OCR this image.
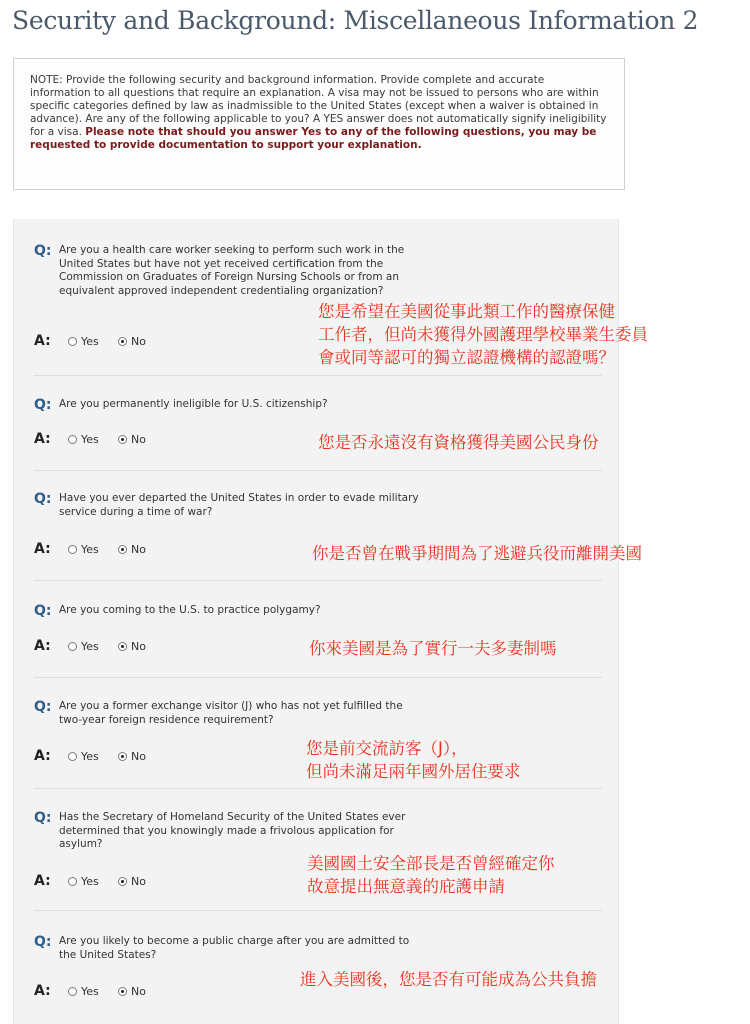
Security and Background: Miscellaneous Information 2
NOTE: Provide the following security and background information. Provide complete and accurate information to all questions that require an explanation. A visa may not be issued to persons who are within specific categories defined by law as inadmissible to the United States (except when a waiver is obtained in advance). Are any of the following applicable to you? A YES answer does not automatically signify ineligibility for a visa. Please note that should you answer Yes to any of the following questions, you may be requested to provide documentation to support your explanation.
Q: Are you a health care worker seeking to perform such work in the United States but have not yet received certification from the Commission on Graduates of Foreign Nursing Schools or from an equivalent approved independent credentialing organization?
A:	Yes	No
Q: Are you permanently ineligible for U.S. citizenship?
A:	Yes	No
Q: Have you ever departed the United States in order to evade military service during a time of war?
A:	Yes	No
Q: Are you coming to the U.S. to practice polygamy?
A:	Yes	No
Q: Are you a former exchange visitor (J) who has not yet fulfilled the two-year foreign residence requirement?
A:	Yes	No
Q: Has the Secretary of Homeland Security of the United States ever determined that you knowingly made a frivolous application for asylum?
A:	Yes	No
Q: Are you likely to become a public charge after you are admitted to the United States?
A:	Yes	No
您是希望在美國從事此類工作的醫療保健
工作者，但尚未獲得外國護理學校畢業生委員
會或同等認可的獨立認證機構的認證嗎？
您是否永遠沒有資格獲得美國公民身份
你是否曾在戰爭期間為了逃避兵役而離開美國
你來美國是為了實行一夫多妻制嗎
您是前交流訪客（J），
但尚未滿足兩年國外居住要求
美國國土安全部長是否曾經確定你
故意提出無意義的庇護申請
進入美國後，您是否有可能成為公共負擔
